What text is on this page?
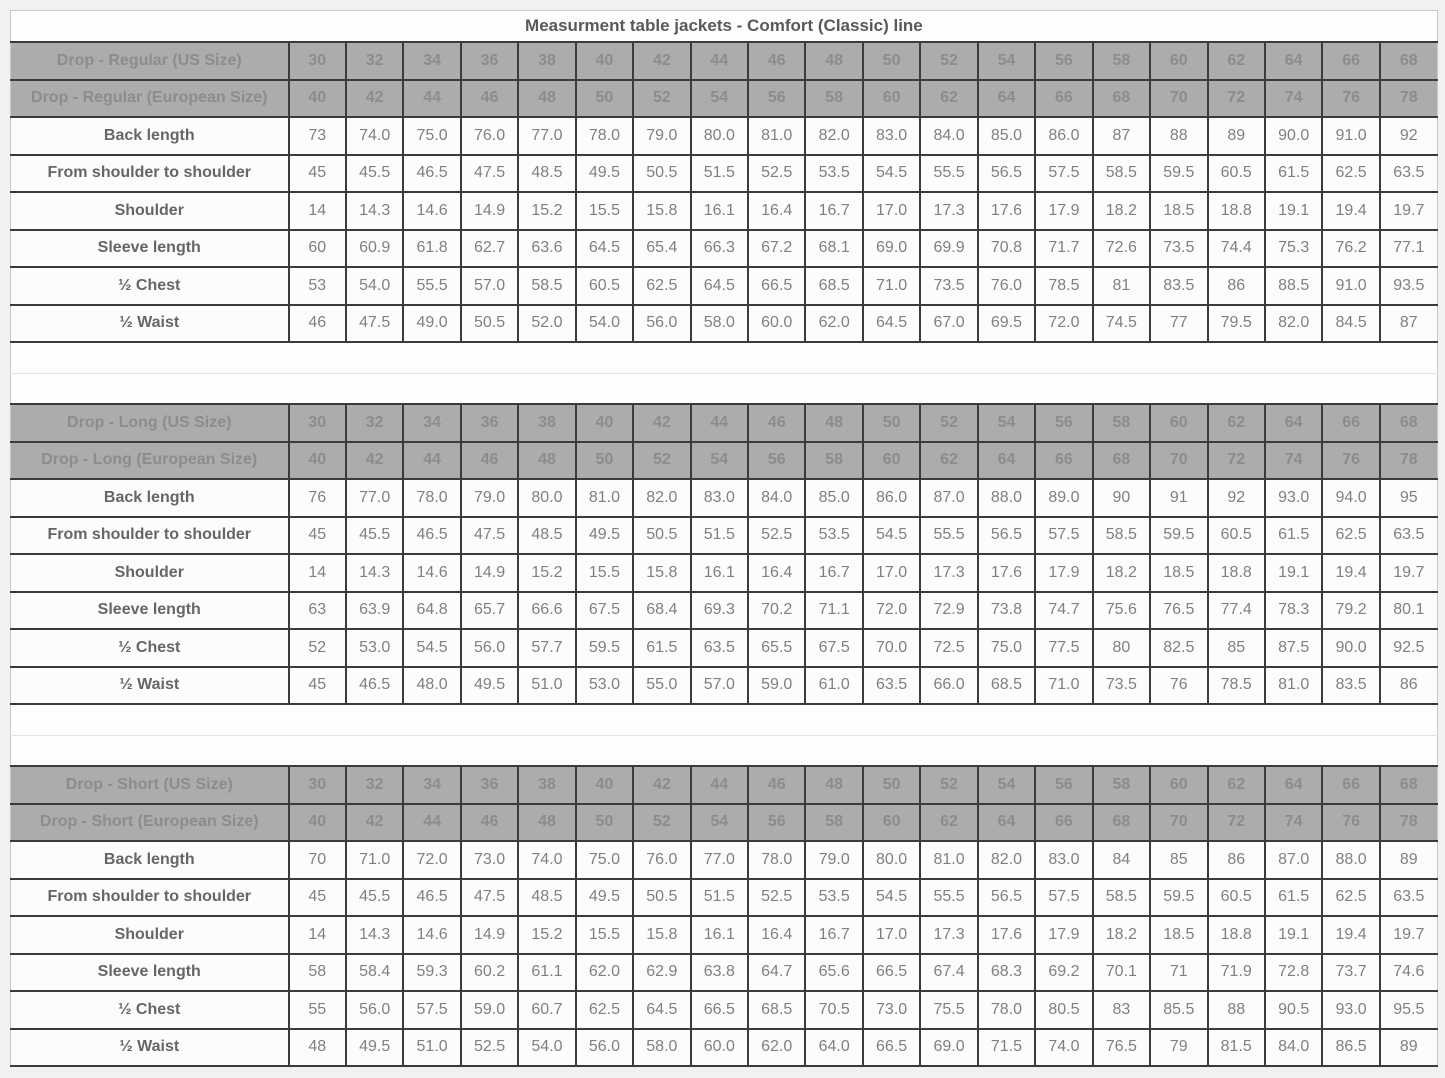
Measurment table jackets - Comfort (Classic) line																				
Drop - Regular (US Size)	30	32	34	36	38	40	42	44	46	48	50	52	54	56	58	60	62	64	66	68
Drop - Regular (European Size)	40	42	44	46	48	50	52	54	56	58	60	62	64	66	68	70	72	74	76	78
Back length	73	74.0	75.0	76.0	77.0	78.0	79.0	80.0	81.0	82.0	83.0	84.0	85.0	86.0	87	88	89	90.0	91.0	92
From shoulder to shoulder	45	45.5	46.5	47.5	48.5	49.5	50.5	51.5	52.5	53.5	54.5	55.5	56.5	57.5	58.5	59.5	60.5	61.5	62.5	63.5
Shoulder	14	14.3	14.6	14.9	15.2	15.5	15.8	16.1	16.4	16.7	17.0	17.3	17.6	17.9	18.2	18.5	18.8	19.1	19.4	19.7
Sleeve length	60	60.9	61.8	62.7	63.6	64.5	65.4	66.3	67.2	68.1	69.0	69.9	70.8	71.7	72.6	73.5	74.4	75.3	76.2	77.1
½ Chest	53	54.0	55.5	57.0	58.5	60.5	62.5	64.5	66.5	68.5	71.0	73.5	76.0	78.5	81	83.5	86	88.5	91.0	93.5
½ Waist	46	47.5	49.0	50.5	52.0	54.0	56.0	58.0	60.0	62.0	64.5	67.0	69.5	72.0	74.5	77	79.5	82.0	84.5	87

Drop - Long (US Size)	30	32	34	36	38	40	42	44	46	48	50	52	54	56	58	60	62	64	66	68
Drop - Long (European Size)	40	42	44	46	48	50	52	54	56	58	60	62	64	66	68	70	72	74	76	78
Back length	76	77.0	78.0	79.0	80.0	81.0	82.0	83.0	84.0	85.0	86.0	87.0	88.0	89.0	90	91	92	93.0	94.0	95
From shoulder to shoulder	45	45.5	46.5	47.5	48.5	49.5	50.5	51.5	52.5	53.5	54.5	55.5	56.5	57.5	58.5	59.5	60.5	61.5	62.5	63.5
Shoulder	14	14.3	14.6	14.9	15.2	15.5	15.8	16.1	16.4	16.7	17.0	17.3	17.6	17.9	18.2	18.5	18.8	19.1	19.4	19.7
Sleeve length	63	63.9	64.8	65.7	66.6	67.5	68.4	69.3	70.2	71.1	72.0	72.9	73.8	74.7	75.6	76.5	77.4	78.3	79.2	80.1
½ Chest	52	53.0	54.5	56.0	57.7	59.5	61.5	63.5	65.5	67.5	70.0	72.5	75.0	77.5	80	82.5	85	87.5	90.0	92.5
½ Waist	45	46.5	48.0	49.5	51.0	53.0	55.0	57.0	59.0	61.0	63.5	66.0	68.5	71.0	73.5	76	78.5	81.0	83.5	86

Drop - Short (US Size)	30	32	34	36	38	40	42	44	46	48	50	52	54	56	58	60	62	64	66	68
Drop - Short (European Size)	40	42	44	46	48	50	52	54	56	58	60	62	64	66	68	70	72	74	76	78
Back length	70	71.0	72.0	73.0	74.0	75.0	76.0	77.0	78.0	79.0	80.0	81.0	82.0	83.0	84	85	86	87.0	88.0	89
From shoulder to shoulder	45	45.5	46.5	47.5	48.5	49.5	50.5	51.5	52.5	53.5	54.5	55.5	56.5	57.5	58.5	59.5	60.5	61.5	62.5	63.5
Shoulder	14	14.3	14.6	14.9	15.2	15.5	15.8	16.1	16.4	16.7	17.0	17.3	17.6	17.9	18.2	18.5	18.8	19.1	19.4	19.7
Sleeve length	58	58.4	59.3	60.2	61.1	62.0	62.9	63.8	64.7	65.6	66.5	67.4	68.3	69.2	70.1	71	71.9	72.8	73.7	74.6
½ Chest	55	56.0	57.5	59.0	60.7	62.5	64.5	66.5	68.5	70.5	73.0	75.5	78.0	80.5	83	85.5	88	90.5	93.0	95.5
½ Waist	48	49.5	51.0	52.5	54.0	56.0	58.0	60.0	62.0	64.0	66.5	69.0	71.5	74.0	76.5	79	81.5	84.0	86.5	89
